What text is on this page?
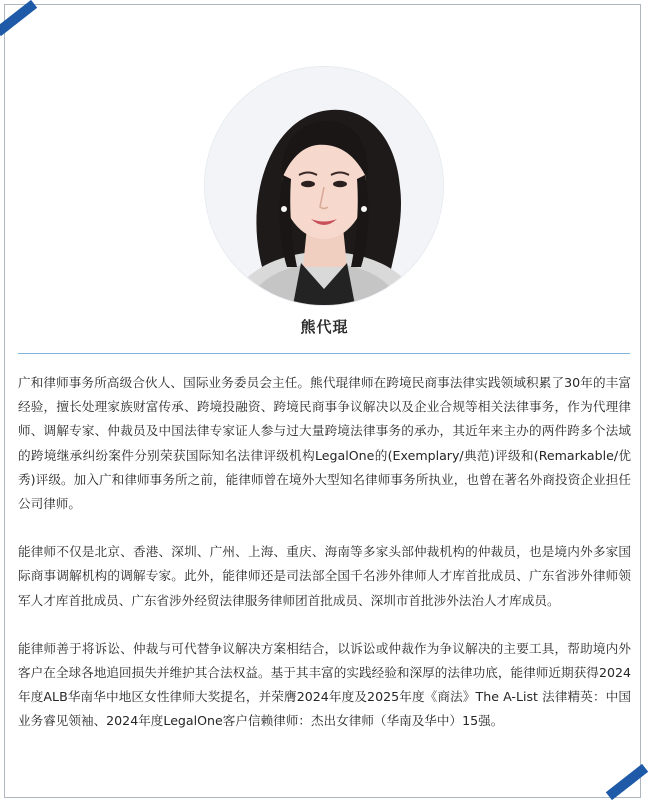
熊代琨

广和律师事务所高级合伙人、国际业务委员会主任。熊代琨律师在跨境民商事法律实践领域积累了30年的丰富经验，擅长处理家族财富传承、跨境投融资、跨境民商事争议解决以及企业合规等相关法律事务，作为代理律师、调解专家、仲裁员及中国法律专家证人参与过大量跨境法律事务的承办，其近年来主办的两件跨多个法域的跨境继承纠纷案件分别荣获国际知名法律评级机构LegalOne的(Exemplary/典范)评级和(Remarkable/优秀)评级。加入广和律师事务所之前，能律师曾在境外大型知名律师事务所执业，也曾在著名外商投资企业担任公司律师。

能律师不仅是北京、香港、深圳、广州、上海、重庆、海南等多家头部仲裁机构的仲裁员，也是境内外多家国际商事调解机构的调解专家。此外，能律师还是司法部全国千名涉外律师人才库首批成员、广东省涉外律师领军人才库首批成员、广东省涉外经贸法律服务律师团首批成员、深圳市首批涉外法治人才库成员。

能律师善于将诉讼、仲裁与可代替争议解决方案相结合，以诉讼或仲裁作为争议解决的主要工具，帮助境内外客户在全球各地追回损失并维护其合法权益。基于其丰富的实践经验和深厚的法律功底，能律师近期获得2024年度ALB华南华中地区女性律师大奖提名，并荣膺2024年度及2025年度《商法》The A-List 法律精英：中国业务睿见领袖、2024年度LegalOne客户信赖律师：杰出女律师（华南及华中）15强。
